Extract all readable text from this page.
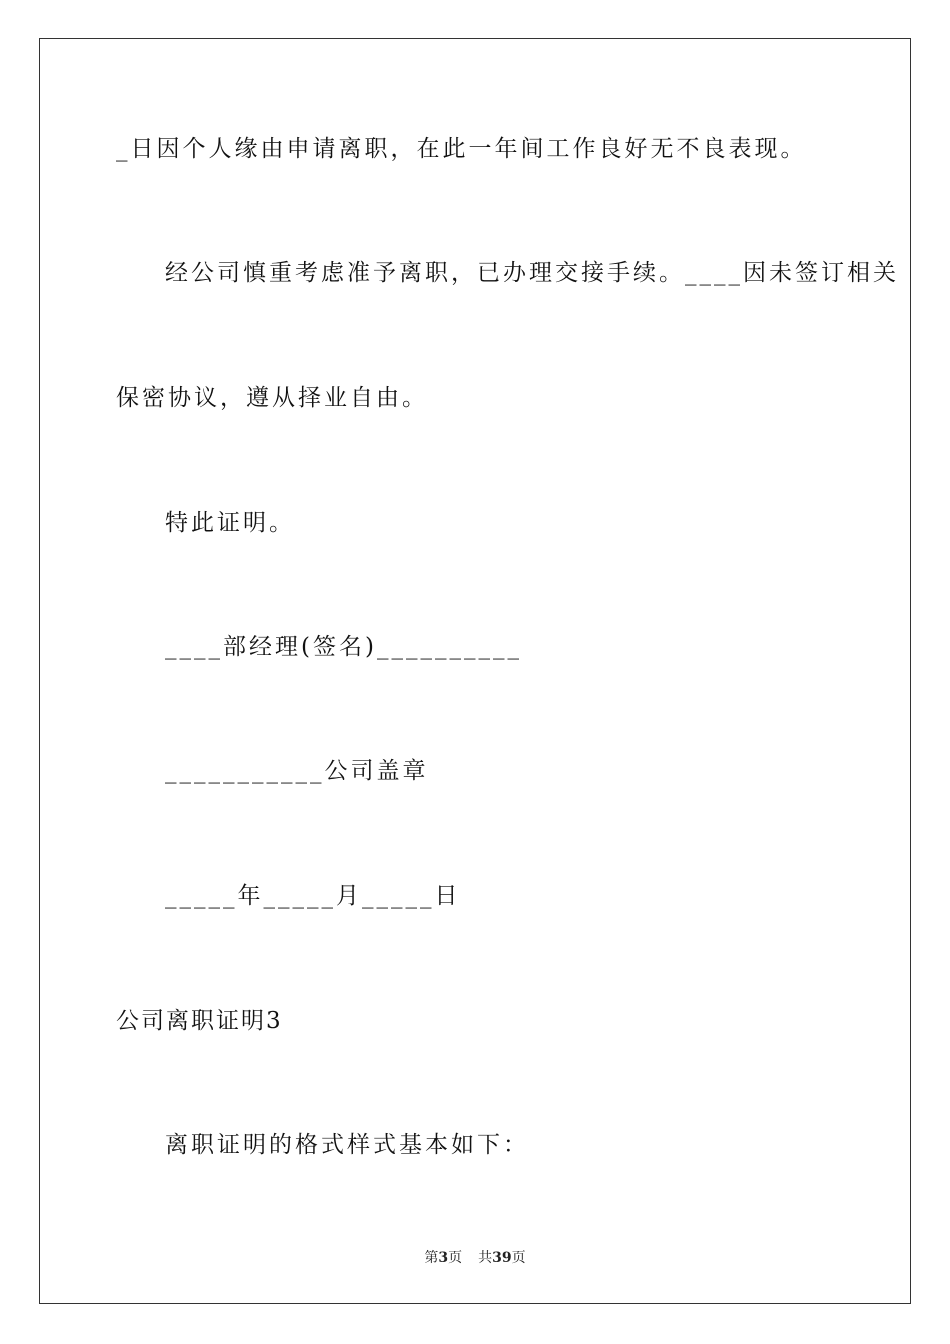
_日因个人缘由申请离职，在此一年间工作良好无不良表现。
经公司慎重考虑准予离职，已办理交接手续。____因未签订相关
保密协议，遵从择业自由。
特此证明。
____部经理(签名)__________
___________公司盖章
_____年_____月_____日
公司离职证明3
离职证明的格式样式基本如下：
第3页 共39页
